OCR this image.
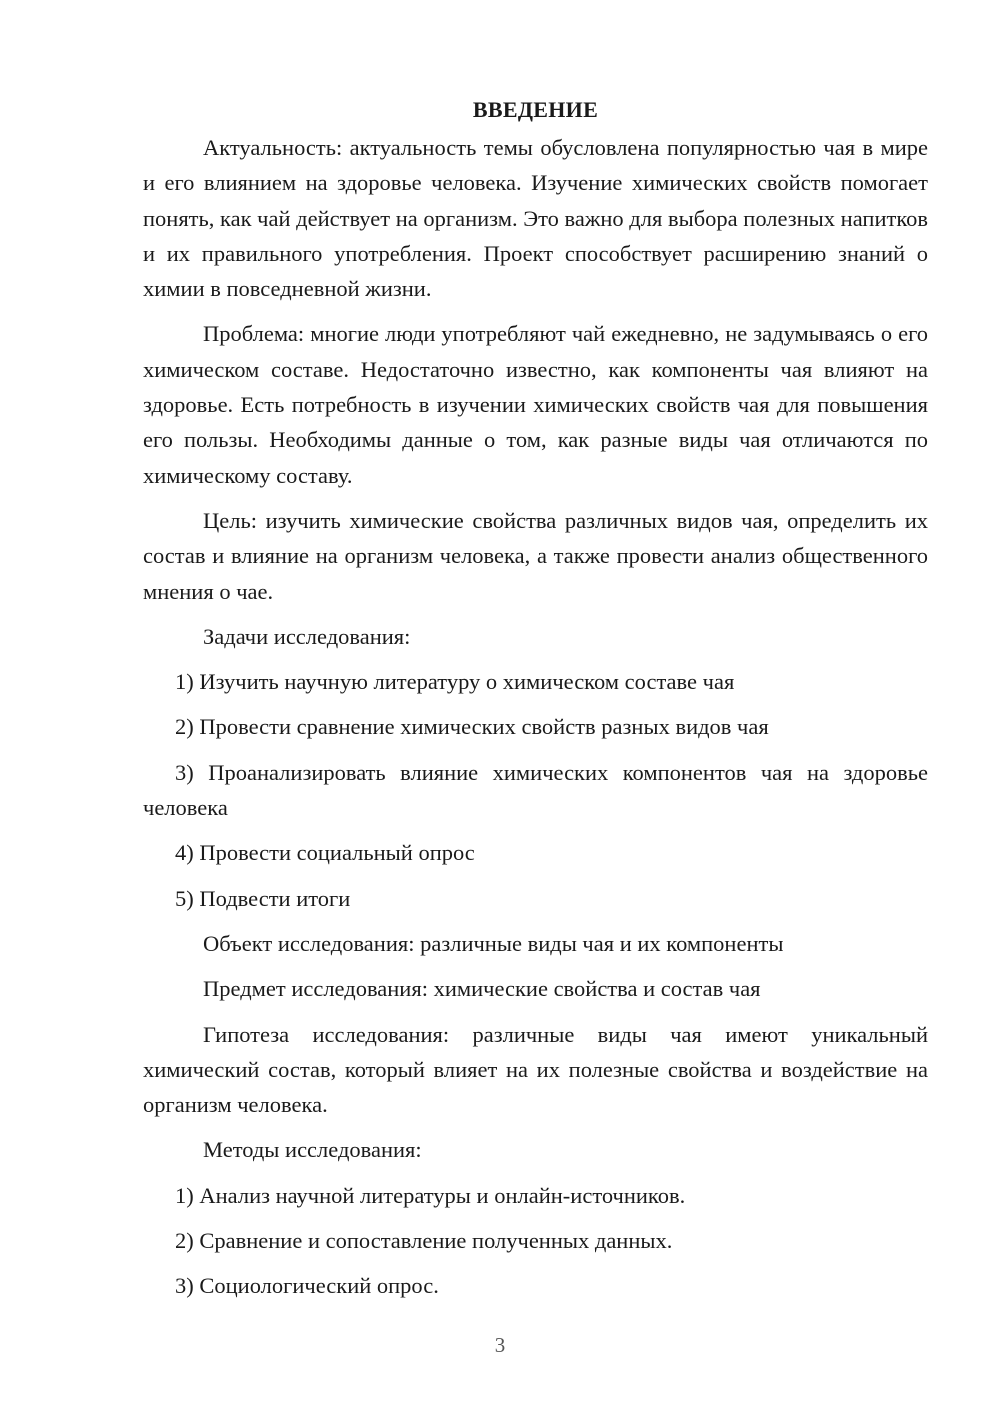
ВВЕДЕНИЕ

Актуальность: актуальность темы обусловлена популярностью чая в мире и его влиянием на здоровье человека. Изучение химических свойств помогает понять, как чай действует на организм. Это важно для выбора полезных напитков и их правильного употребления. Проект способствует расширению знаний о химии в повседневной жизни.

Проблема: многие люди употребляют чай ежедневно, не задумываясь о его химическом составе. Недостаточно известно, как компоненты чая влияют на здоровье. Есть потребность в изучении химических свойств чая для повышения его пользы. Необходимы данные о том, как разные виды чая отличаются по химическому составу.

Цель: изучить химические свойства различных видов чая, определить их состав и влияние на организм человека, а также провести анализ общественного мнения о чае.

Задачи исследования:

1) Изучить научную литературу о химическом составе чая

2) Провести сравнение химических свойств разных видов чая

3) Проанализировать влияние химических компонентов чая на здоровье человека

4) Провести социальный опрос

5) Подвести итоги

Объект исследования: различные виды чая и их компоненты

Предмет исследования: химические свойства и состав чая

Гипотеза исследования: различные виды чая имеют уникальный химический состав, который влияет на их полезные свойства и воздействие на организм человека.

Методы исследования:

1) Анализ научной литературы и онлайн-источников.

2) Сравнение и сопоставление полученных данных.

3) Социологический опрос.

3
